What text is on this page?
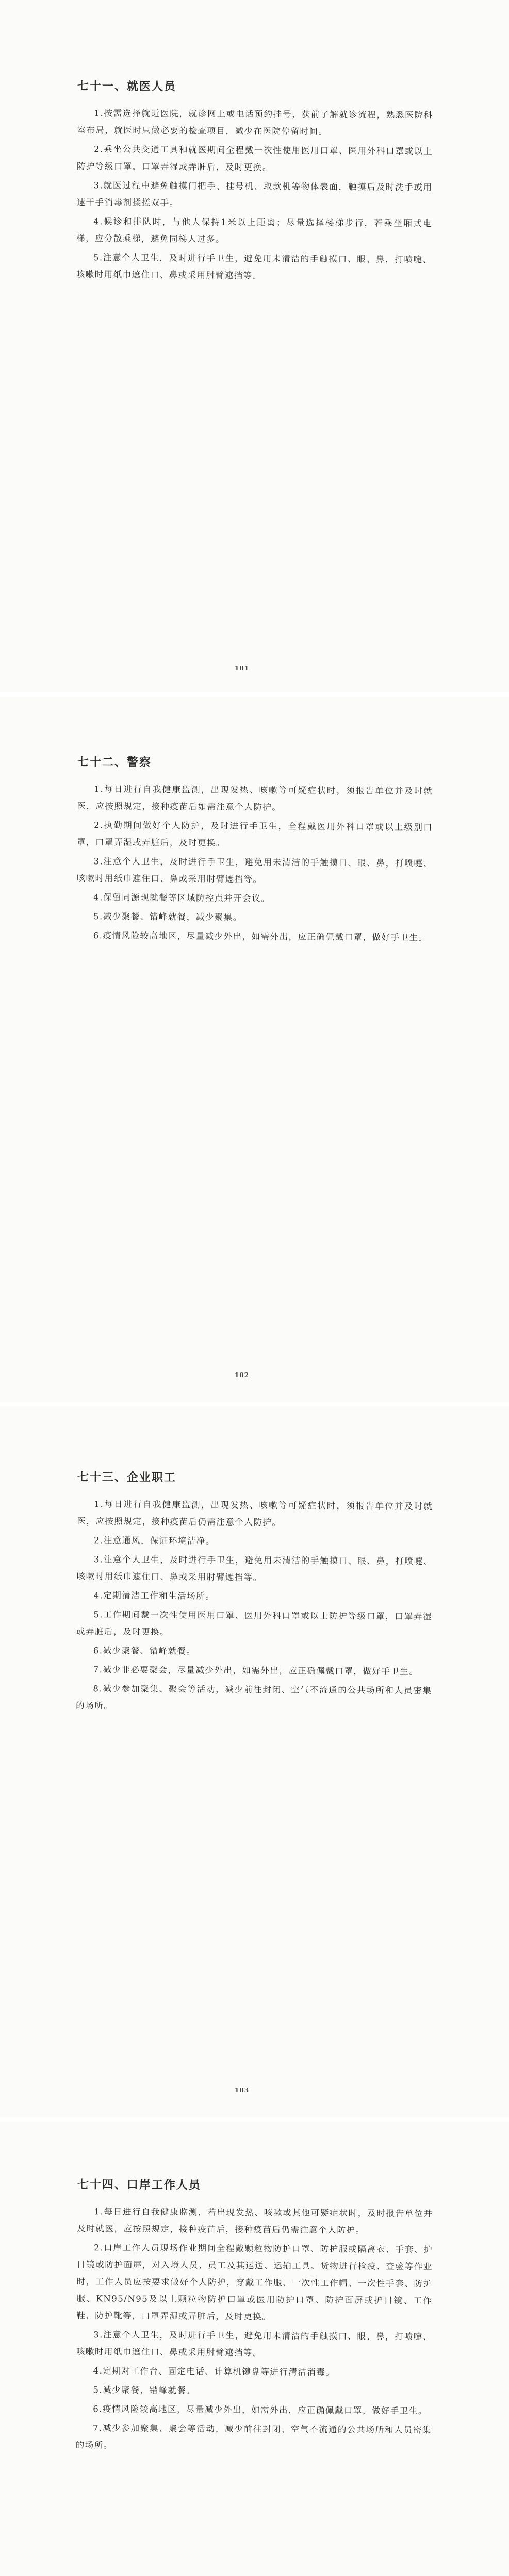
七十一、就医人员

1.按需选择就近医院，就诊网上或电话预约挂号，获前了解就诊流程，熟悉医院科室布局，就医时只做必要的检查项目，减少在医院停留时间。

2.乘坐公共交通工具和就医期间全程戴一次性使用医用口罩、医用外科口罩或以上防护等级口罩，口罩弄湿或弄脏后，及时更换。

3.就医过程中避免触摸门把手、挂号机、取款机等物体表面，触摸后及时洗手或用速干手消毒剂揉搓双手。

4.候诊和排队时，与他人保持1米以上距离；尽量选择楼梯步行，若乘坐厢式电梯，应分散乘梯，避免同梯人过多。

5.注意个人卫生，及时进行手卫生，避免用未清洁的手触摸口、眼、鼻，打喷嚏、咳嗽时用纸巾遮住口、鼻或采用肘臂遮挡等。

101
七十二、警察

1.每日进行自我健康监测，出现发热、咳嗽等可疑症状时，须报告单位并及时就医，应按照规定，接种疫苗后如需注意个人防护。

2.执勤期间做好个人防护，及时进行手卫生，全程戴医用外科口罩或以上级别口罩，口罩弄湿或弄脏后，及时更换。

3.注意个人卫生，及时进行手卫生，避免用未清洁的手触摸口、眼、鼻，打喷嚏、咳嗽时用纸巾遮住口、鼻或采用肘臂遮挡等。

4.保留同源现就餐等区域防控点并开会议。

5.减少聚餐、错峰就餐，减少聚集。

6.疫情风险较高地区，尽量减少外出，如需外出，应正确佩戴口罩，做好手卫生。

102
七十三、企业职工

1.每日进行自我健康监测，出现发热、咳嗽等可疑症状时，须报告单位并及时就医，应按照规定，接种疫苗后仍需注意个人防护。

2.注意通风，保证环境洁净。

3.注意个人卫生，及时进行手卫生，避免用未清洁的手触摸口、眼、鼻，打喷嚏、咳嗽时用纸巾遮住口、鼻或采用肘臂遮挡等。

4.定期清洁工作和生活场所。

5.工作期间戴一次性使用医用口罩、医用外科口罩或以上防护等级口罩，口罩弄湿或弄脏后，及时更换。

6.减少聚餐、错峰就餐。

7.减少非必要聚会，尽量减少外出，如需外出，应正确佩戴口罩，做好手卫生。

8.减少参加聚集、聚会等活动，减少前往封闭、空气不流通的公共场所和人员密集的场所。

103
七十四、口岸工作人员

1.每日进行自我健康监测，若出现发热、咳嗽或其他可疑症状时，及时报告单位并及时就医，应按照规定，接种疫苗后，接种疫苗后仍需注意个人防护。

2.口岸工作人员现场作业期间全程戴颗粒物防护口罩、防护服或隔离衣、手套、护目镜或防护面屏，对入境人员、员工及其运送、运输工具、货物进行检疫、查验等作业时，工作人员应按要求做好个人防护，穿戴工作服、一次性工作帽、一次性手套、防护服、KN95/N95及以上颗粒物防护口罩或医用防护口罩、防护面屏或护目镜、工作鞋、防护靴等，口罩弄湿或弄脏后，及时更换。

3.注意个人卫生，及时进行手卫生，避免用未清洁的手触摸口、眼、鼻，打喷嚏、咳嗽时用纸巾遮住口、鼻或采用肘臂遮挡等。

4.定期对工作台、固定电话、计算机键盘等进行清洁消毒。

5.减少聚餐、错峰就餐。

6.疫情风险较高地区，尽量减少外出，如需外出，应正确佩戴口罩，做好手卫生。

7.减少参加聚集、聚会等活动，减少前往封闭、空气不流通的公共场所和人员密集的场所。
